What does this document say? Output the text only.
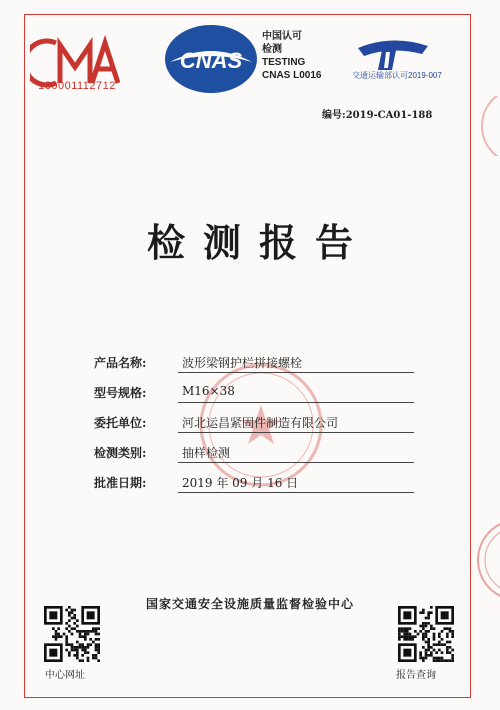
180001112712
CNAS
中国认可
检测
TESTING
CNAS L0016	交通运输部认可2019-007
编号:2019-CA01-188
检测报告
产品名称:	波形梁钢护栏拼接螺栓
型号规格:	M16×38
委托单位:	河北运昌紧固件制造有限公司
检测类别:	抽样检测
批准日期:	2019 年 09 月 16 日
国家交通安全设施质量监督检验中心
中心网址	报告查询
